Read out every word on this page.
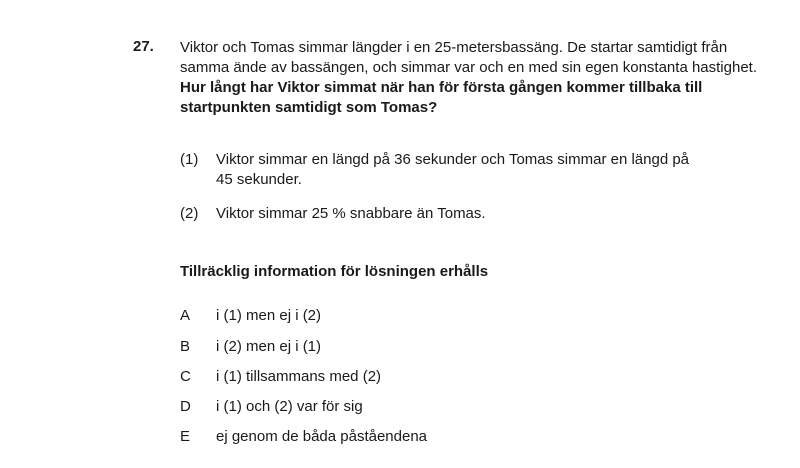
27. Viktor och Tomas simmar längder i en 25-metersbassäng. De startar samtidigt från
samma ände av bassängen, och simmar var och en med sin egen konstanta hastighet.
Hur långt har Viktor simmat när han för första gången kommer tillbaka till
startpunkten samtidigt som Tomas?
(1) Viktor simmar en längd på 36 sekunder och Tomas simmar en längd på
45 sekunder.
(2) Viktor simmar 25 % snabbare än Tomas.
Tillräcklig information för lösningen erhålls
A i (1) men ej i (2)
B i (2) men ej i (1)
C i (1) tillsammans med (2)
D i (1) och (2) var för sig
E ej genom de båda påståendena
